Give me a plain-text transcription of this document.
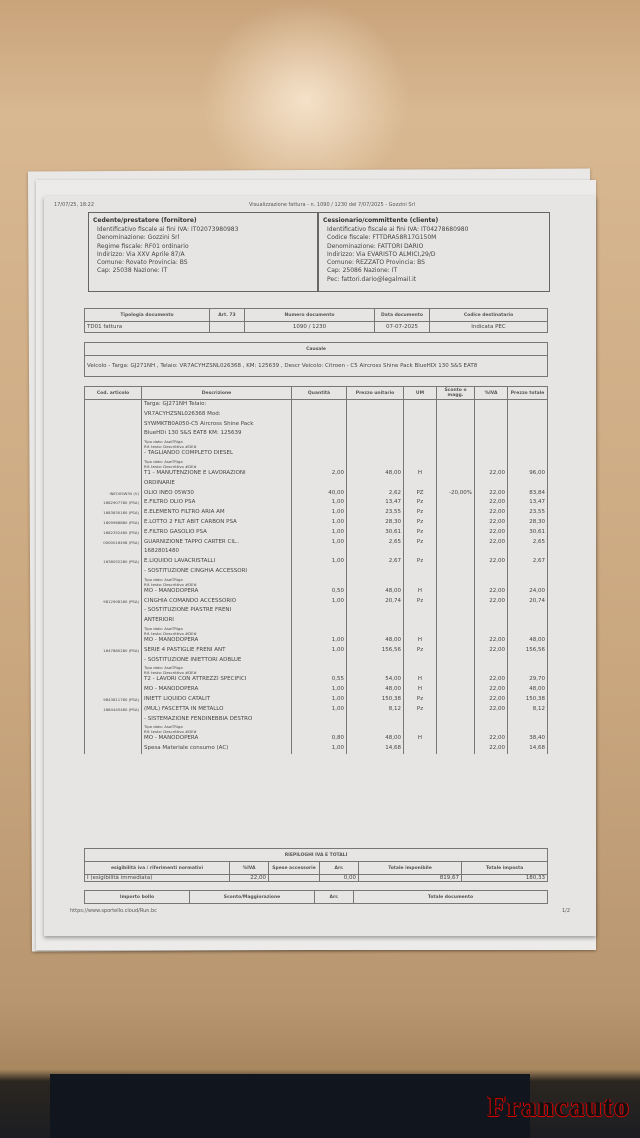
17/07/25, 18:22	Visualizzazione fattura - n. 1090 / 1230 del 7/07/2025 - Gozzini Srl
Cedente/prestatore (fornitore)
Identificativo fiscale ai fini IVA: IT02073980983
Denominazione: Gozzini Srl
Regime fiscale: RF01 ordinario
Indirizzo: Via XXV Aprile 87/A
Comune: Rovato Provincia: BS
Cap: 25038 Nazione: IT
Cessionario/committente (cliente)
Identificativo fiscale ai fini IVA: IT04278680980
Codice fiscale: FTTDRA58R17G150M
Denominazione: FATTORI DARIO
Indirizzo: Via EVARISTO ALMICI,29/D
Comune: REZZATO Provincia: BS
Cap: 25086 Nazione: IT
Pec: fattori.dario@legalmail.it
Tipologia documento	Art. 73	Numero documento	Data documento	Codice destinatario
TD01 fattura		1090 / 1230	07-07-2025	Indicata PEC
Causale
Veicolo - Targa: GJ271NH , Telaio: VR7ACYHZSNL026368 , KM: 125639 , Descr Veicolo: Citroen - C5 Aircross Shine Pack BlueHDi 130 S&S EAT8
Cod. articolo	Descrizione	Quantità	Prezzo unitario	UM	Sconto o magg.	%IVA	Prezzo totale
	Targa: GJ271NH Telaio:						
	VR7ACYHZSNL026368 Mod:						
	SYWMKTB0A050-C5 Aircross Shine Pack						
	BlueHDi 130 S&S EAT8 KM: 125639						

	Tipo dato: AswTRiga
Rif. testo: Descrittivo #DE#						

	- TAGLIANDO COMPLETO DIESEL						

	Tipo dato: AswTRiga
Rif. testo: Descrittivo #DE#						

	T1 - MANUTENZIONE E LAVORAZIONI	2,00	48,00	H		22,00	96,00
	ORDINARIE						
INEO05W30 (V)	OLIO INEO 05W30	40,00	2,62	PZ	-20,00%	22,00	83,84
1682907780 (PSA)	E.FILTRO OLIO PSA	1,00	13,47	Pz		22,00	13,47
1683830180 (PSA)	E.ELEMENTO FILTRO ARIA AM	1,00	23,55	Pz		22,00	23,55
1609966880 (PSA)	E.LOTTO 2 FILT ABIT CARBON PSA	1,00	28,30	Pz		22,00	28,30
1682352480 (PSA)	E.FILTRO GASOLIO PSA	1,00	30,61	Pz		22,00	30,61
0000016498 (PSA)	GUARNIZIONE TAPPO CARTER CIL..	1,00	2,65	Pz		22,00	2,65
	1682801480						
1638052280 (PSA)	E.LIQUIDO LAVACRISTALLI	1,00	2,67	Pz		22,00	2,67
	- SOSTITUZIONE CINGHIA ACCESSORI						

	Tipo dato: AswTRiga
Rif. testo: Descrittivo #DE#						

	MO - MANODOPERA	0,50	48,00	H		22,00	24,00
9812908180 (PSA)	CINGHIA COMANDO ACCESSORIO	1,00	20,74	Pz		22,00	20,74
	- SOSTITUZIONE PIASTRE FRENI						
	ANTERIORI						

	Tipo dato: AswTRiga
Rif. testo: Descrittivo #DE#						

	MO - MANODOPERA	1,00	48,00	H		22,00	48,00
1647880280 (PSA)	SERIE 4 PASTIGLIE FRENI ANT	1,00	156,56	Pz		22,00	156,56
	- SOSTITUZIONE INIETTORI ADBLUE						

	Tipo dato: AswTRiga
Rif. testo: Descrittivo #DE#						

	T2 - LAVORI CON ATTREZZI SPECIFICI	0,55	54,00	H		22,00	29,70
	MO - MANODOPERA	1,00	48,00	H		22,00	48,00
9843811780 (PSA)	INIETT LIQUIDO CATALIT	1,00	150,38	Pz		22,00	150,38
1684445480 (PSA)	(MUL) FASCETTA IN METALLO	1,00	8,12	Pz		22,00	8,12
	- SISTEMAZIONE FENDINEBBIA DESTRO						

	Tipo dato: AswTRiga
Rif. testo: Descrittivo #DE#						

	MO - MANODOPERA	0,80	48,00	H		22,00	38,40
	Spesa Materiale consumo (AC)	1,00	14,68			22,00	14,68
RIEPILOGHI IVA E TOTALI					
esigibilità iva / riferimenti normativi	%IVA	Spese accessorie	Arr.	Totale imponibile	Totale imposta
I (esigibilità immediata)	22,00		0,00	819,67	180,33
Importo bollo	Sconto/Maggiorazione	Arr.	Totale documento
https://www.sportello.cloud/Run.bc	1/2
Francauto
